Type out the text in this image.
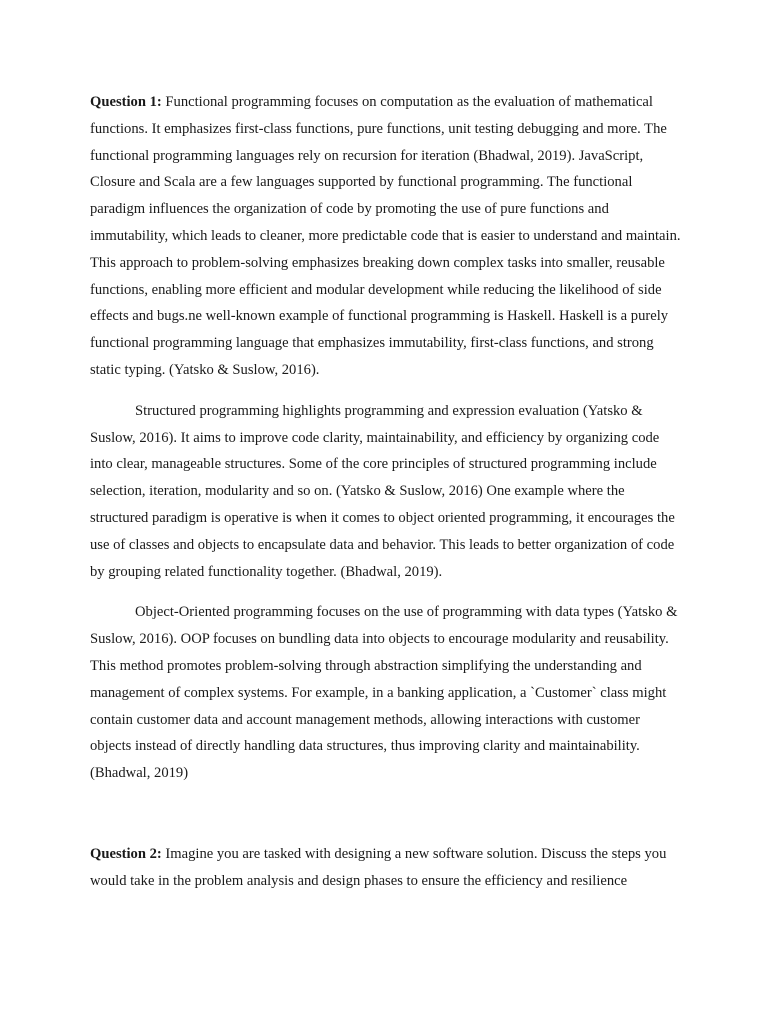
Question 1: Functional programming focuses on computation as the evaluation of mathematical functions. It emphasizes first-class functions, pure functions, unit testing debugging and more. The functional programming languages rely on recursion for iteration (Bhadwal, 2019). JavaScript, Closure and Scala are a few languages supported by functional programming. The functional paradigm influences the organization of code by promoting the use of pure functions and immutability, which leads to cleaner, more predictable code that is easier to understand and maintain. This approach to problem-solving emphasizes breaking down complex tasks into smaller, reusable functions, enabling more efficient and modular development while reducing the likelihood of side effects and bugs.ne well-known example of functional programming is Haskell. Haskell is a purely functional programming language that emphasizes immutability, first-class functions, and strong static typing. (Yatsko & Suslow, 2016).

Structured programming highlights programming and expression evaluation (Yatsko & Suslow, 2016). It aims to improve code clarity, maintainability, and efficiency by organizing code into clear, manageable structures. Some of the core principles of structured programming include selection, iteration, modularity and so on. (Yatsko & Suslow, 2016) One example where the structured paradigm is operative is when it comes to object oriented programming, it encourages the use of classes and objects to encapsulate data and behavior. This leads to better organization of code by grouping related functionality together. (Bhadwal, 2019).

Object-Oriented programming focuses on the use of programming with data types (Yatsko & Suslow, 2016). OOP focuses on bundling data into objects to encourage modularity and reusability. This method promotes problem-solving through abstraction simplifying the understanding and management of complex systems. For example, in a banking application, a `Customer` class might contain customer data and account management methods, allowing interactions with customer objects instead of directly handling data structures, thus improving clarity and maintainability. (Bhadwal, 2019)

Question 2: Imagine you are tasked with designing a new software solution. Discuss the steps you would take in the problem analysis and design phases to ensure the efficiency and resilience
